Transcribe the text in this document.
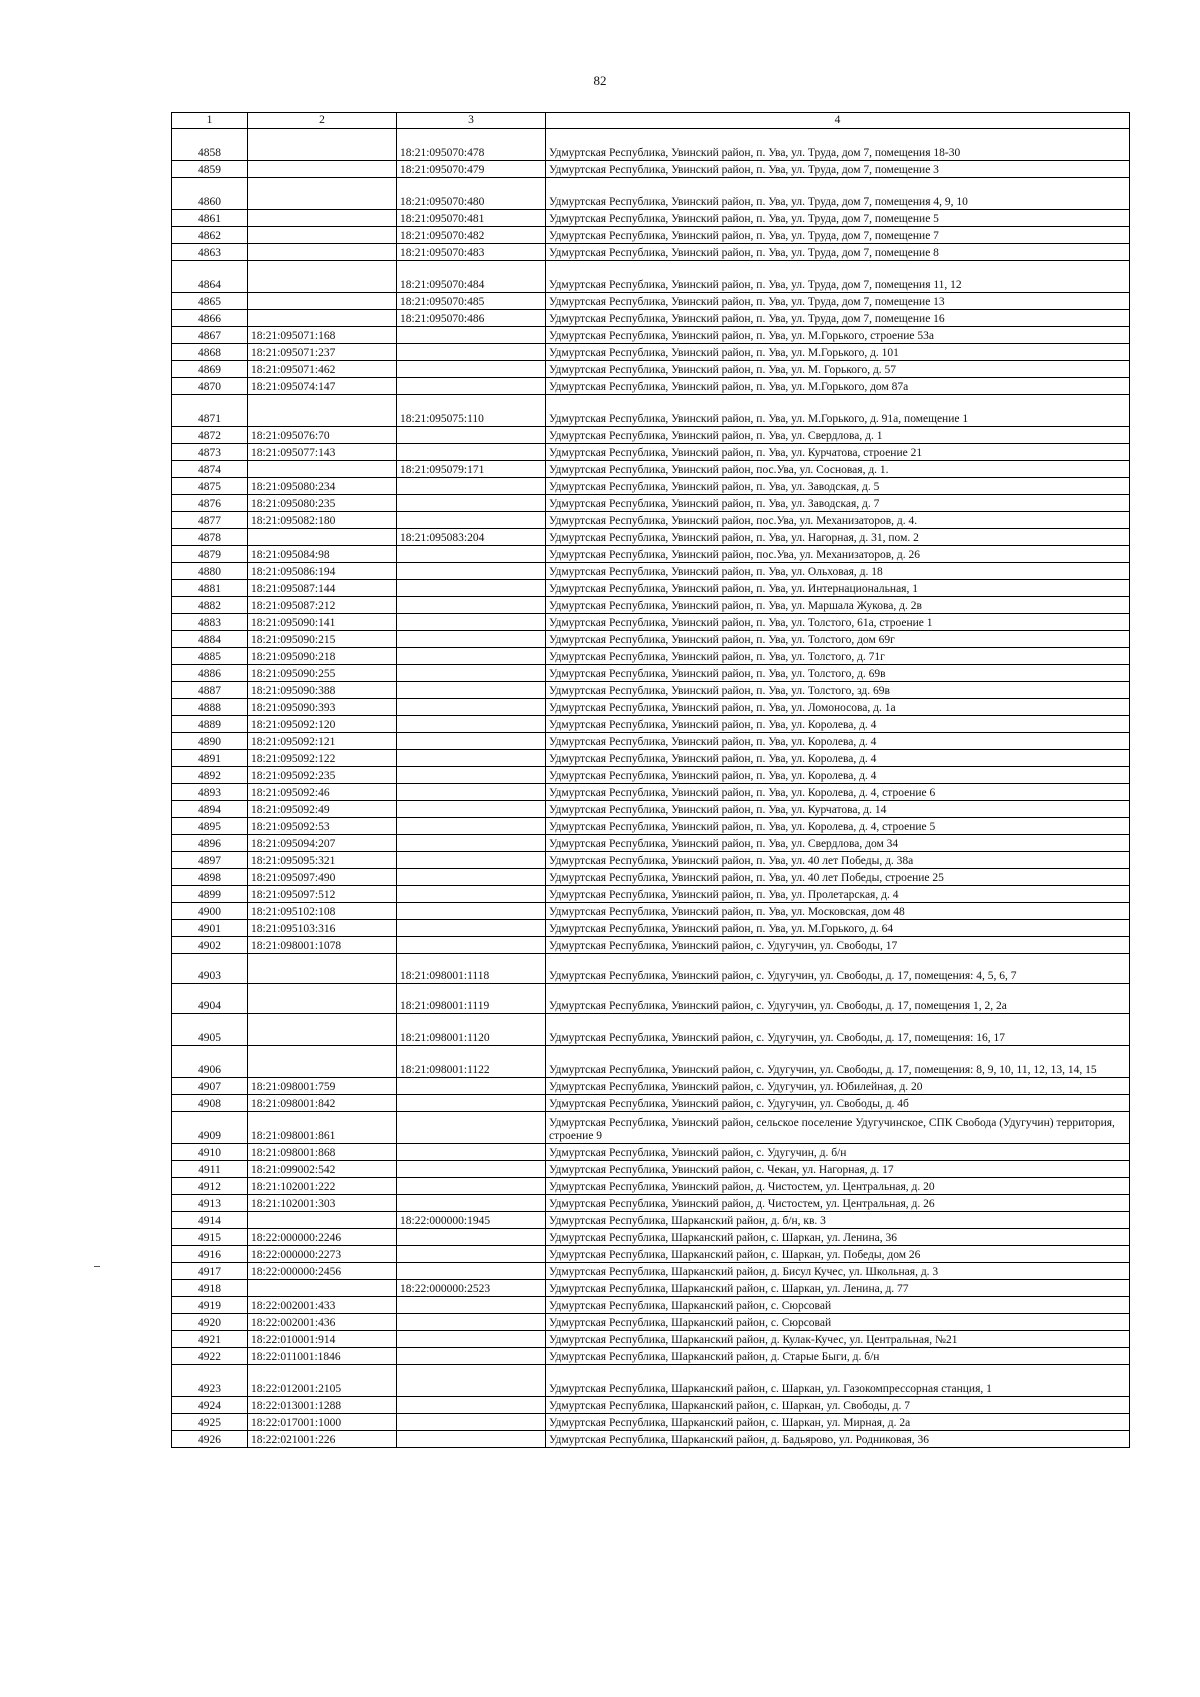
82
1	2	3	4
4858		18:21:095070:478	Удмуртская Республика, Увинский район, п. Ува, ул. Труда, дом 7, помещения 18-30
4859		18:21:095070:479	Удмуртская Республика, Увинский район, п. Ува, ул. Труда, дом 7, помещение 3
4860		18:21:095070:480	Удмуртская Республика, Увинский район, п. Ува, ул. Труда, дом 7, помещения 4, 9, 10
4861		18:21:095070:481	Удмуртская Республика, Увинский район, п. Ува, ул. Труда, дом 7, помещение 5
4862		18:21:095070:482	Удмуртская Республика, Увинский район, п. Ува, ул. Труда, дом 7, помещение 7
4863		18:21:095070:483	Удмуртская Республика, Увинский район, п. Ува, ул. Труда, дом 7, помещение 8
4864		18:21:095070:484	Удмуртская Республика, Увинский район, п. Ува, ул. Труда, дом 7, помещения 11, 12
4865		18:21:095070:485	Удмуртская Республика, Увинский район, п. Ува, ул. Труда, дом 7, помещение 13
4866		18:21:095070:486	Удмуртская Республика, Увинский район, п. Ува, ул. Труда, дом 7, помещение 16
4867	18:21:095071:168		Удмуртская Республика, Увинский район, п. Ува, ул. М.Горького, строение 53а
4868	18:21:095071:237		Удмуртская Республика, Увинский район, п. Ува, ул. М.Горького, д. 101
4869	18:21:095071:462		Удмуртская Республика, Увинский район, п. Ува, ул. М. Горького, д. 57
4870	18:21:095074:147		Удмуртская Республика, Увинский район, п. Ува, ул. М.Горького, дом 87а
4871		18:21:095075:110	Удмуртская Республика, Увинский район, п. Ува, ул. М.Горького, д. 91а, помещение 1
4872	18:21:095076:70		Удмуртская Республика, Увинский район, п. Ува, ул. Свердлова, д. 1
4873	18:21:095077:143		Удмуртская Республика, Увинский район, п. Ува, ул. Курчатова, строение 21
4874		18:21:095079:171	Удмуртская Республика, Увинский район, пос.Ува, ул. Сосновая, д. 1.
4875	18:21:095080:234		Удмуртская Республика, Увинский район, п. Ува, ул. Заводская, д. 5
4876	18:21:095080:235		Удмуртская Республика, Увинский район, п. Ува, ул. Заводская, д. 7
4877	18:21:095082:180		Удмуртская Республика, Увинский район, пос.Ува, ул. Механизаторов, д. 4.
4878		18:21:095083:204	Удмуртская Республика, Увинский район, п. Ува, ул. Нагорная, д. 31, пом. 2
4879	18:21:095084:98		Удмуртская Республика, Увинский район, пос.Ува, ул. Механизаторов, д. 26
4880	18:21:095086:194		Удмуртская Республика, Увинский район, п. Ува, ул. Ольховая, д. 18
4881	18:21:095087:144		Удмуртская Республика, Увинский район, п. Ува, ул. Интернациональная, 1
4882	18:21:095087:212		Удмуртская Республика, Увинский район, п. Ува, ул. Маршала Жукова, д. 2в
4883	18:21:095090:141		Удмуртская Республика, Увинский район, п. Ува, ул. Толстого, 61а, строение 1
4884	18:21:095090:215		Удмуртская Республика, Увинский район, п. Ува, ул. Толстого, дом 69г
4885	18:21:095090:218		Удмуртская Республика, Увинский район, п. Ува, ул. Толстого, д. 71г
4886	18:21:095090:255		Удмуртская Республика, Увинский район, п. Ува, ул. Толстого, д. 69в
4887	18:21:095090:388		Удмуртская Республика, Увинский район, п. Ува, ул. Толстого, зд. 69в
4888	18:21:095090:393		Удмуртская Республика, Увинский район, п. Ува, ул. Ломоносова, д. 1а
4889	18:21:095092:120		Удмуртская Республика, Увинский район, п. Ува, ул. Королева, д. 4
4890	18:21:095092:121		Удмуртская Республика, Увинский район, п. Ува, ул. Королева, д. 4
4891	18:21:095092:122		Удмуртская Республика, Увинский район, п. Ува, ул. Королева, д. 4
4892	18:21:095092:235		Удмуртская Республика, Увинский район, п. Ува, ул. Королева, д. 4
4893	18:21:095092:46		Удмуртская Республика, Увинский район, п. Ува, ул. Королева, д. 4, строение 6
4894	18:21:095092:49		Удмуртская Республика, Увинский район, п. Ува, ул. Курчатова, д. 14
4895	18:21:095092:53		Удмуртская Республика, Увинский район, п. Ува, ул. Королева, д. 4, строение 5
4896	18:21:095094:207		Удмуртская Республика, Увинский район, п. Ува, ул. Свердлова, дом 34
4897	18:21:095095:321		Удмуртская Республика, Увинский район, п. Ува, ул. 40 лет Победы, д. 38а
4898	18:21:095097:490		Удмуртская Республика, Увинский район, п. Ува, ул. 40 лет Победы, строение 25
4899	18:21:095097:512		Удмуртская Республика, Увинский район, п. Ува, ул. Пролетарская, д. 4
4900	18:21:095102:108		Удмуртская Республика, Увинский район, п. Ува, ул. Московская, дом 48
4901	18:21:095103:316		Удмуртская Республика, Увинский район, п. Ува, ул. М.Горького, д. 64
4902	18:21:098001:1078		Удмуртская Республика, Увинский район, с. Удугучин, ул. Свободы, 17
4903		18:21:098001:1118	Удмуртская Республика, Увинский район, с. Удугучин, ул. Свободы, д. 17, помещения: 4, 5, 6, 7
4904		18:21:098001:1119	Удмуртская Республика, Увинский район, с. Удугучин, ул. Свободы, д. 17, помещения 1, 2, 2а
4905		18:21:098001:1120	Удмуртская Республика, Увинский район, с. Удугучин, ул. Свободы, д. 17, помещения: 16, 17
4906		18:21:098001:1122	Удмуртская Республика, Увинский район, с. Удугучин, ул. Свободы, д. 17, помещения: 8, 9, 10, 11, 12, 13, 14, 15
4907	18:21:098001:759		Удмуртская Республика, Увинский район, с. Удугучин, ул. Юбилейная, д. 20
4908	18:21:098001:842		Удмуртская Республика, Увинский район, с. Удугучин, ул. Свободы, д. 4б
4909	18:21:098001:861		Удмуртская Республика, Увинский район, сельское поселение Удугучинское, СПК Свобода (Удугучин) территория, строение 9
4910	18:21:098001:868		Удмуртская Республика, Увинский район, с. Удугучин, д. б/н
4911	18:21:099002:542		Удмуртская Республика, Увинский район, с. Чекан, ул. Нагорная, д. 17
4912	18:21:102001:222		Удмуртская Республика, Увинский район, д. Чистостем, ул. Центральная, д. 20
4913	18:21:102001:303		Удмуртская Республика, Увинский район, д. Чистостем, ул. Центральная, д. 26
4914		18:22:000000:1945	Удмуртская Республика, Шарканский район, д. б/н, кв. 3
4915	18:22:000000:2246		Удмуртская Республика, Шарканский район, с. Шаркан, ул. Ленина, 36
4916	18:22:000000:2273		Удмуртская Республика, Шарканский район, с. Шаркан, ул. Победы, дом 26
4917	18:22:000000:2456		Удмуртская Республика, Шарканский район, д. Бисул Кучес, ул. Школьная, д. 3
4918		18:22:000000:2523	Удмуртская Республика, Шарканский район, с. Шаркан, ул. Ленина, д. 77
4919	18:22:002001:433		Удмуртская Республика, Шарканский район, с. Сюрсовай
4920	18:22:002001:436		Удмуртская Республика, Шарканский район, с. Сюрсовай
4921	18:22:010001:914		Удмуртская Республика, Шарканский район, д. Кулак-Кучес, ул. Центральная, №21
4922	18:22:011001:1846		Удмуртская Республика, Шарканский район, д. Старые Быги, д. б/н
4923	18:22:012001:2105		Удмуртская Республика, Шарканский район, с. Шаркан, ул. Газокомпрессорная станция, 1
4924	18:22:013001:1288		Удмуртская Республика, Шарканский район, с. Шаркан, ул. Свободы, д. 7
4925	18:22:017001:1000		Удмуртская Республика, Шарканский район, с. Шаркан, ул. Мирная, д. 2а
4926	18:22:021001:226		Удмуртская Республика, Шарканский район, д. Бадьярово, ул. Родниковая, 36
